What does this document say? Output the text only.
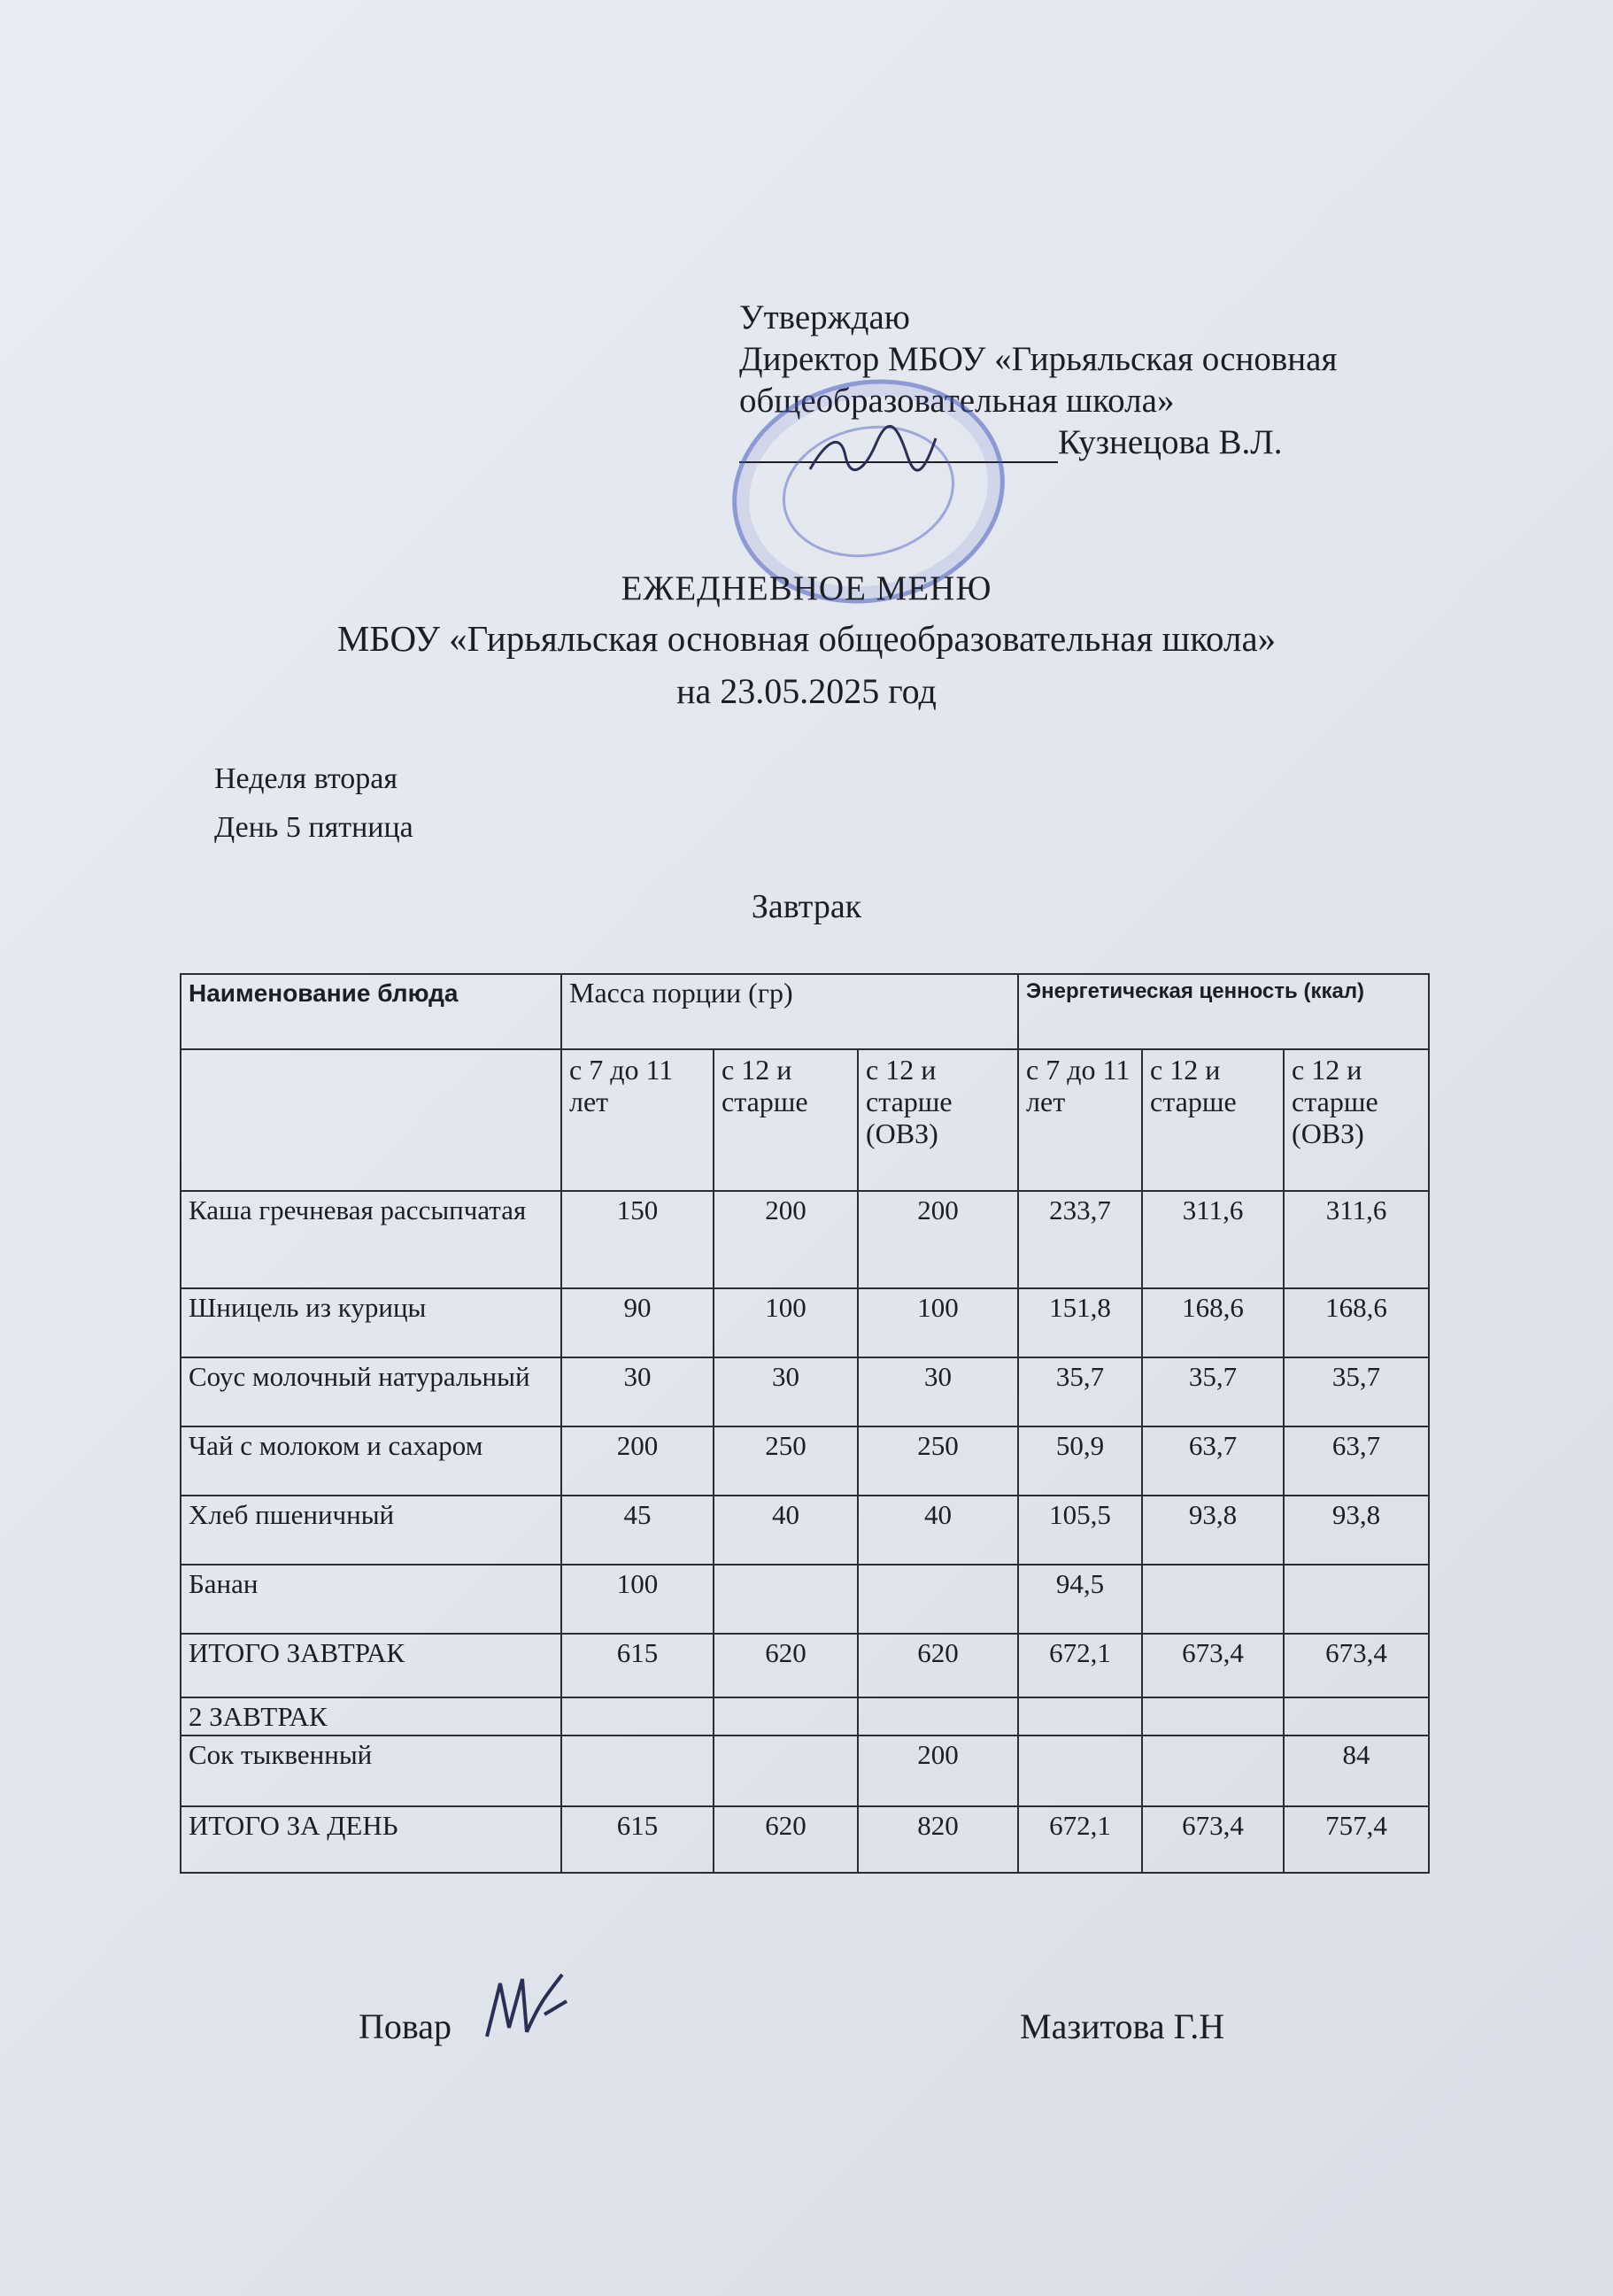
Утверждаю
Директор МБОУ «Гирьяльская основная
общеобразовательная школа»
Кузнецова В.Л.
ЕЖЕДНЕВНОЕ МЕНЮ
МБОУ «Гирьяльская основная общеобразовательная школа»
на 23.05.2025 год
Неделя вторая
День 5 пятница
Завтрак
Наименование блюда	Масса порции (гр)			Энергетическая ценность (ккал)		
	с 7 до 11 лет	с 12 и старше	с 12 и старше (ОВЗ)	с 7 до 11 лет	с 12 и старше	с 12 и старше (ОВЗ)
Каша гречневая рассыпчатая	150	200	200	233,7	311,6	311,6
Шницель из курицы	90	100	100	151,8	168,6	168,6
Соус молочный натуральный	30	30	30	35,7	35,7	35,7
Чай с молоком и сахаром	200	250	250	50,9	63,7	63,7
Хлеб пшеничный	45	40	40	105,5	93,8	93,8
Банан	100			94,5		
ИТОГО ЗАВТРАК	615	620	620	672,1	673,4	673,4
2 ЗАВТРАК						
Сок тыквенный			200			84
ИТОГО ЗА ДЕНЬ	615	620	820	672,1	673,4	757,4
Повар	Мазитова Г.Н
